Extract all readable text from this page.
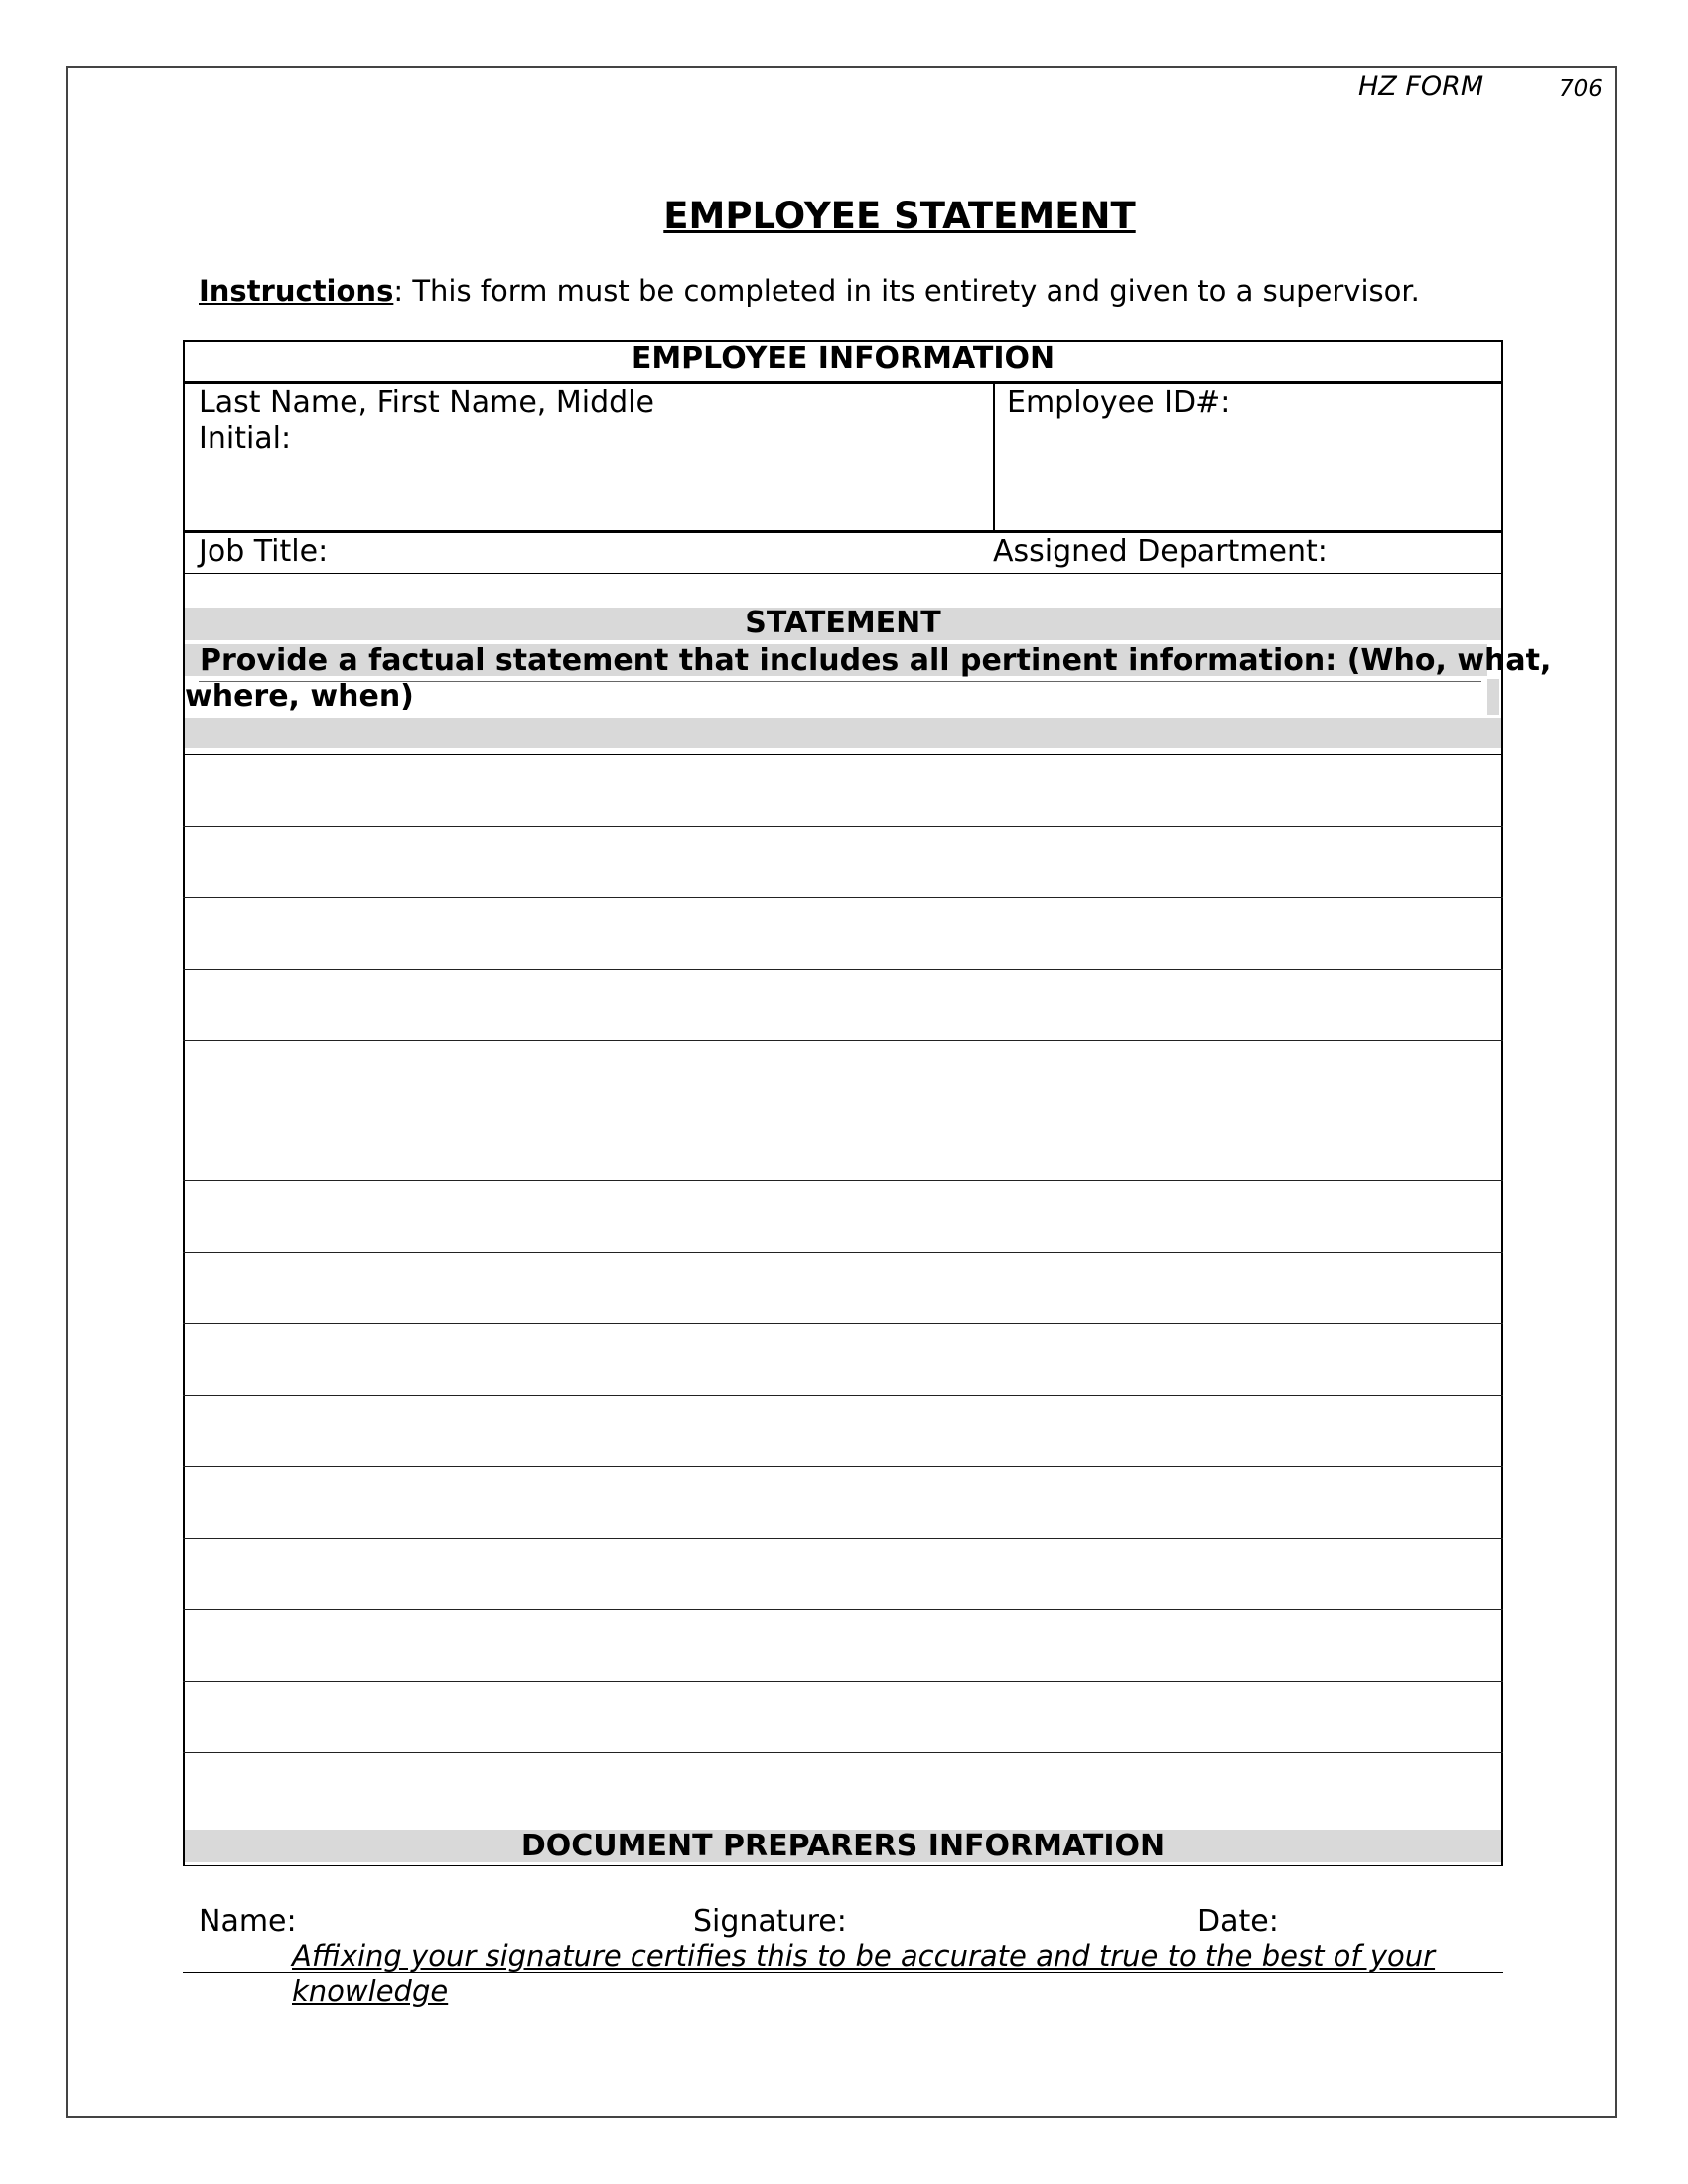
HZ FORM	706
EMPLOYEE STATEMENT
Instructions: This form must be completed in its entirety and given to a supervisor.
EMPLOYEE INFORMATION
Last Name, First Name, Middle
Initial:
Employee ID#:
Job Title:	Assigned Department:
STATEMENT
Provide a factual statement that includes all pertinent information: (Who, what,
where, when)
DOCUMENT PREPARERS INFORMATION
Name:	Signature:	Date:
Affixing your signature certifies this to be accurate and true to the best of your knowledge
